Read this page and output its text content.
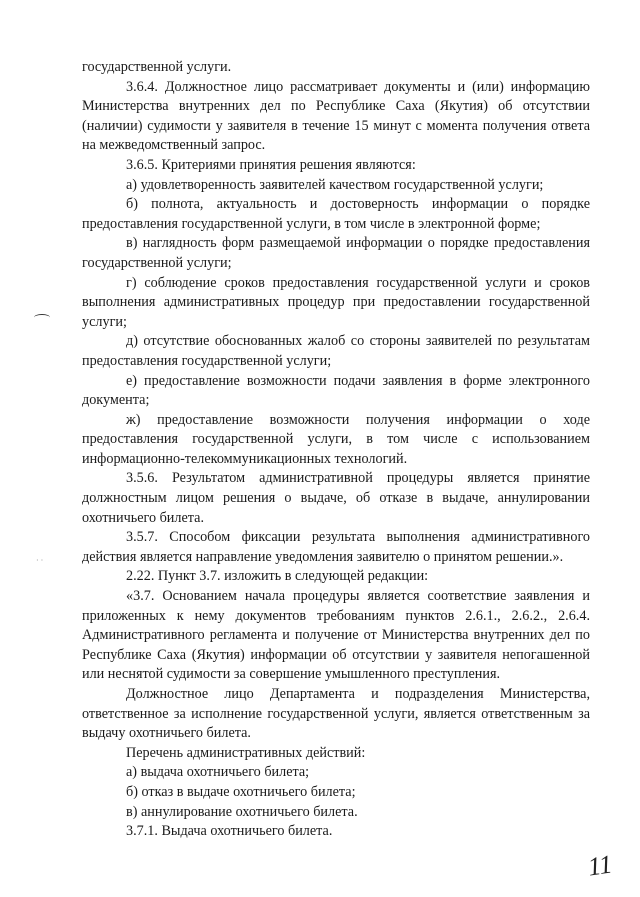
государственной услуги.

3.6.4. Должностное лицо рассматривает документы и (или) информацию Министерства внутренних дел по Республике Саха (Якутия) об отсутствии (наличии) судимости у заявителя в течение 15 минут с момента получения ответа на межведомственный запрос.

3.6.5. Критериями принятия решения являются:

а) удовлетворенность заявителей качеством государственной услуги;

б) полнота, актуальность и достоверность информации о порядке предоставления государственной услуги, в том числе в электронной форме;

в) наглядность форм размещаемой информации о порядке предоставления государственной услуги;

г) соблюдение сроков предоставления государственной услуги и сроков выполнения административных процедур при предоставлении государственной услуги;

д) отсутствие обоснованных жалоб со стороны заявителей по результатам предоставления государственной услуги;

е) предоставление возможности подачи заявления в форме электронного документа;

ж) предоставление возможности получения информации о ходе предоставления государственной услуги, в том числе с использованием информационно-телекоммуникационных технологий.

3.5.6. Результатом административной процедуры является принятие должностным лицом решения о выдаче, об отказе в выдаче, аннулировании охотничьего билета.

3.5.7. Способом фиксации результата выполнения административного действия является направление уведомления заявителю о принятом решении.».

2.22. Пункт 3.7. изложить в следующей редакции:

«3.7. Основанием начала процедуры является соответствие заявления и приложенных к нему документов требованиям пунктов 2.6.1., 2.6.2., 2.6.4. Административного регламента и получение от Министерства внутренних дел по Республике Саха (Якутия) информации об отсутствии у заявителя непогашенной или неснятой судимости за совершение умышленного преступления.

Должностное лицо Департамента и подразделения Министерства, ответственное за исполнение государственной услуги, является ответственным за выдачу охотничьего билета.

Перечень административных действий:

а) выдача охотничьего билета;

б) отказ в выдаче охотничьего билета;

в) аннулирование охотничьего билета.

3.7.1. Выдача охотничьего билета.

· ·
11
